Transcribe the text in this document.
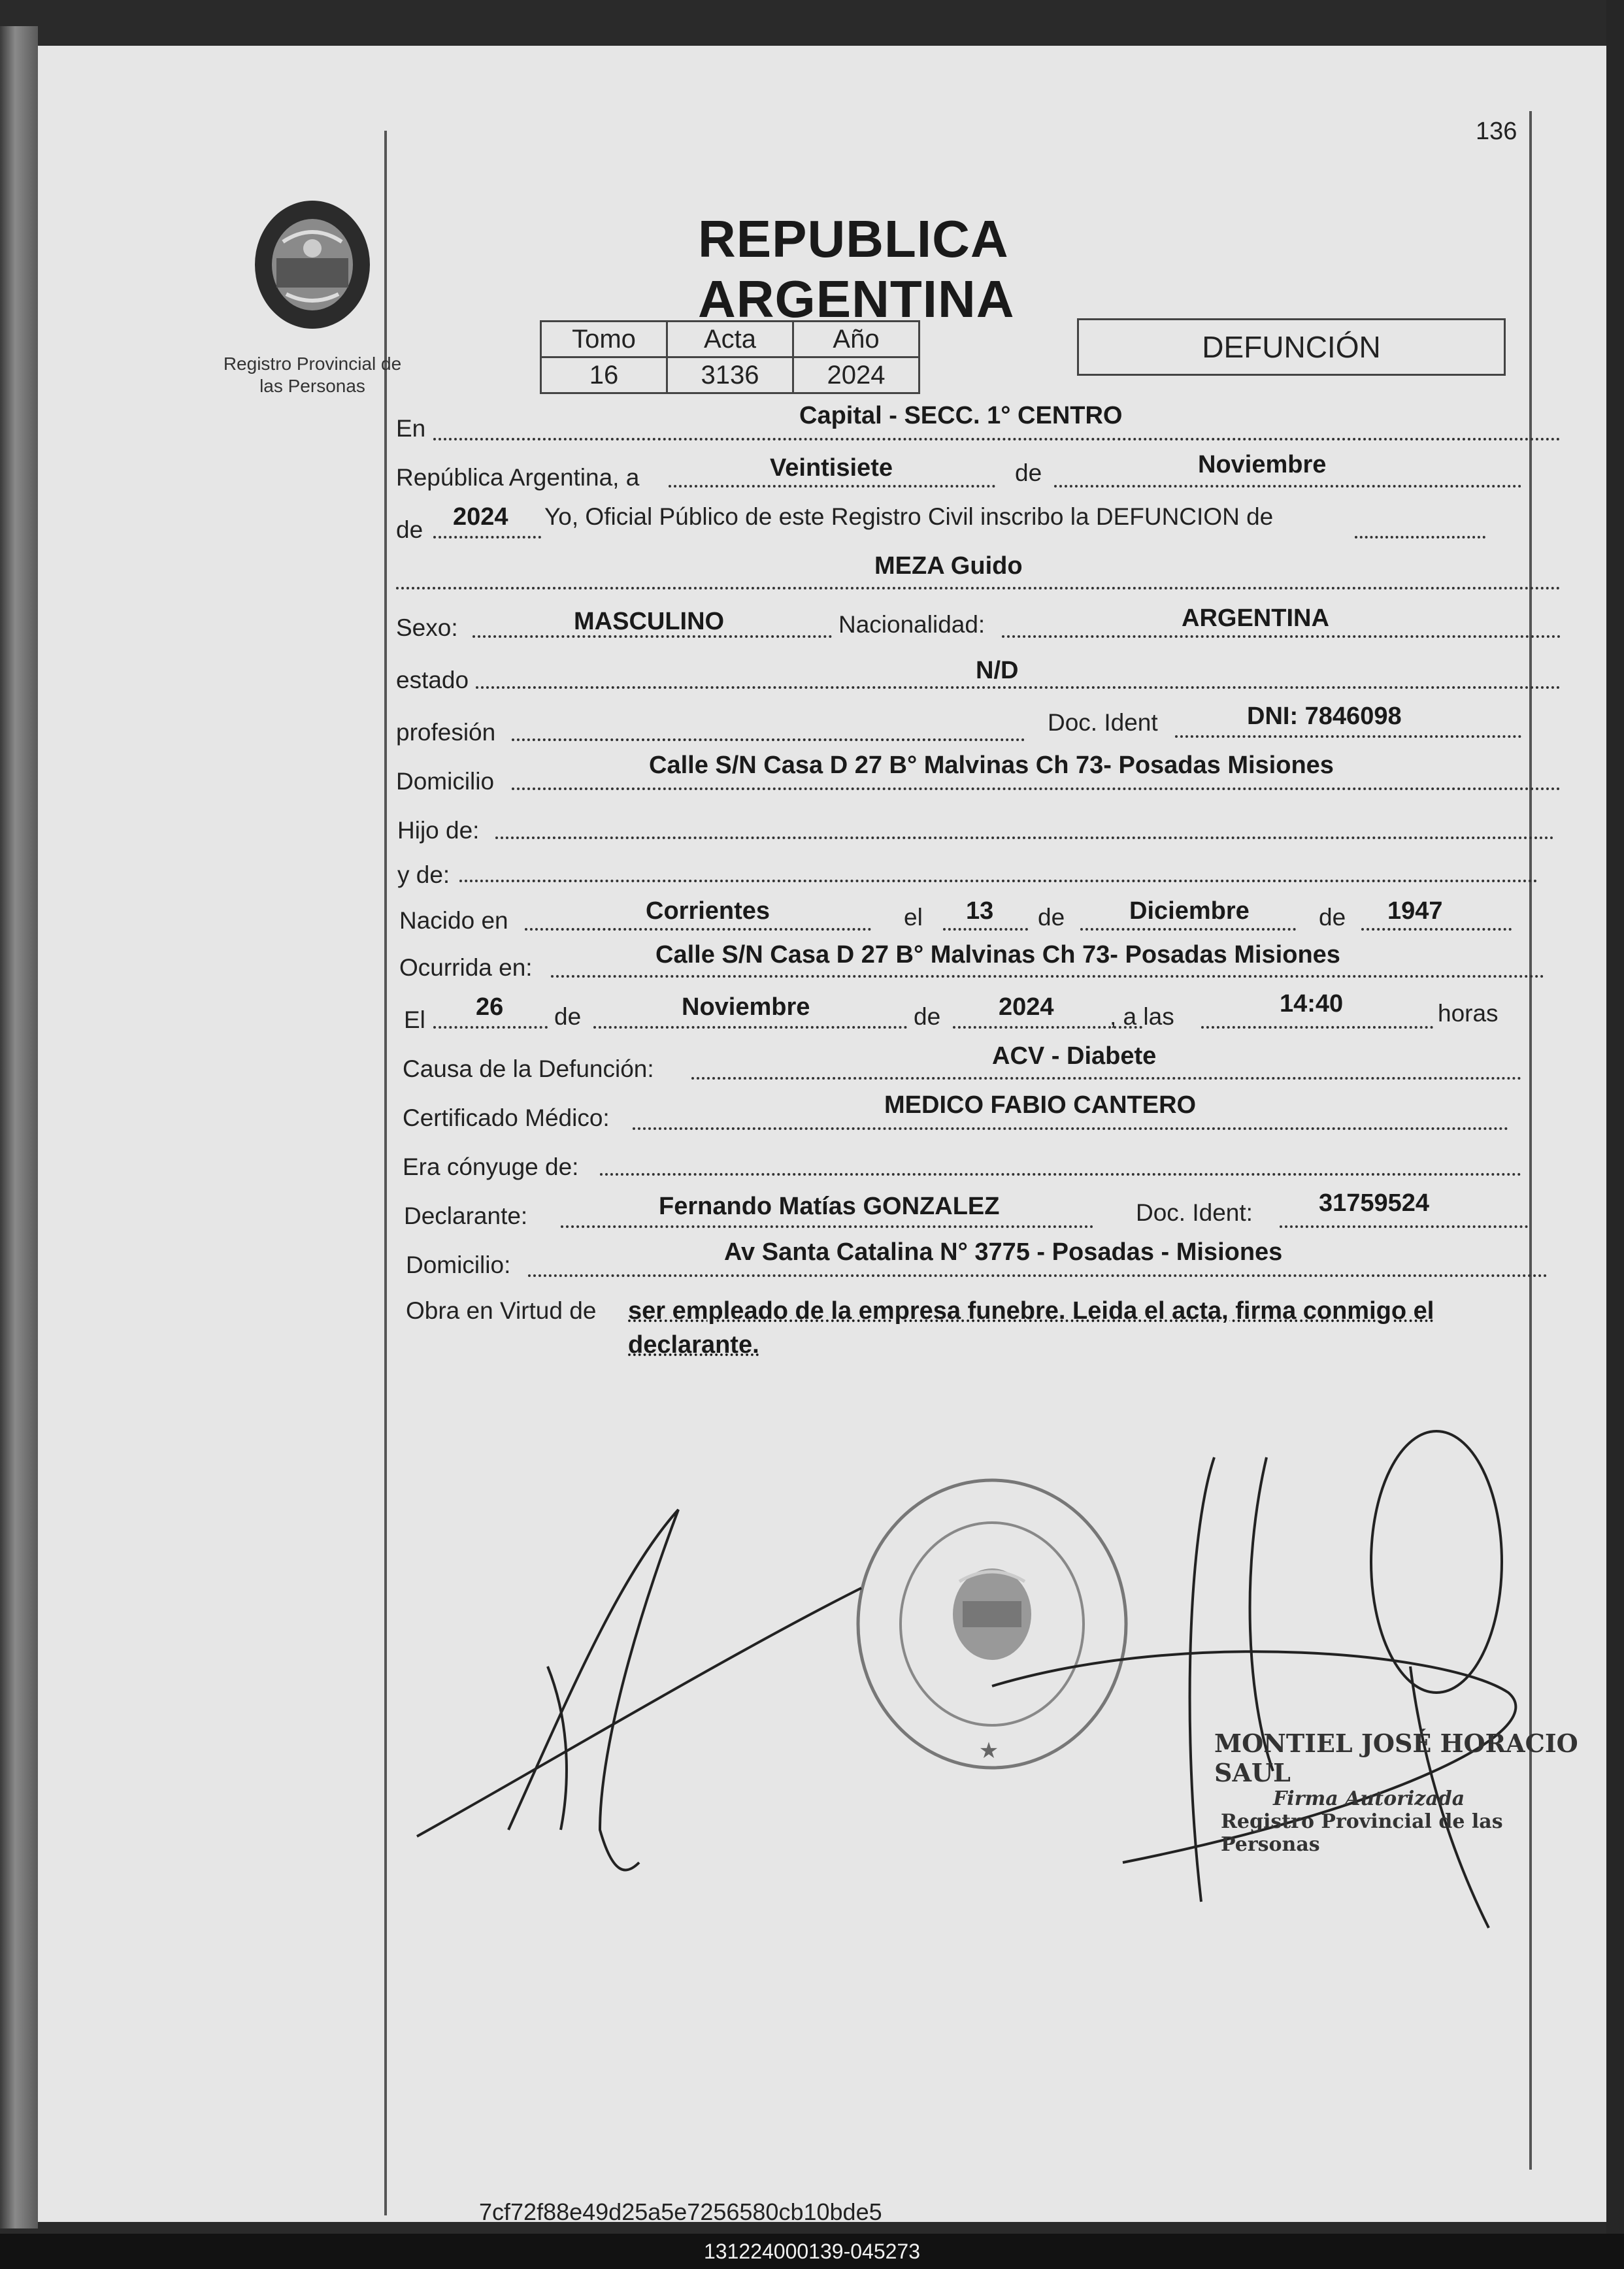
136
Registro Provincial de las Personas
REPUBLICA ARGENTINA
Tomo	Acta	Año
16	3136	2024
DEFUNCIÓN
En	Capital - SECC. 1° CENTRO
República Argentina, a	Veintisiete	de	Noviembre
de 2024 Yo, Oficial Público de este Registro Civil inscribo la DEFUNCION de
MEZA Guido
Sexo:	MASCULINO	Nacionalidad:	ARGENTINA
estado	N/D
profesión	Doc. Ident	DNI: 7846098
Domicilio
Calle S/N Casa D 27 B° Malvinas Ch 73- Posadas Misiones
Hijo de:
y de:
Nacido en	Corrientes	el 13 de	Diciembre	de 1947
Ocurrida en:	Calle S/N Casa D 27 B° Malvinas Ch 73- Posadas Misiones
El 26 de	Noviembre	de 2024 , a las	14:40	horas
Causa de la Defunción:	ACV - Diabete
Certificado Médico:	MEDICO FABIO CANTERO
Era cónyuge de:
Declarante:	Fernando Matías GONZALEZ	Doc. Ident:	31759524
Domicilio:	Av Santa Catalina N° 3775 - Posadas - Misiones
Obra en Virtud de ser empleado de la empresa funebre. Leida el acta, firma conmigo el declarante.
★	MONTIEL JOSÉ HORACIO SAUL
Firma Autorizada
Registro Provincial de las Personas
7cf72f88e49d25a5e7256580cb10bde5
131224000139-045273
